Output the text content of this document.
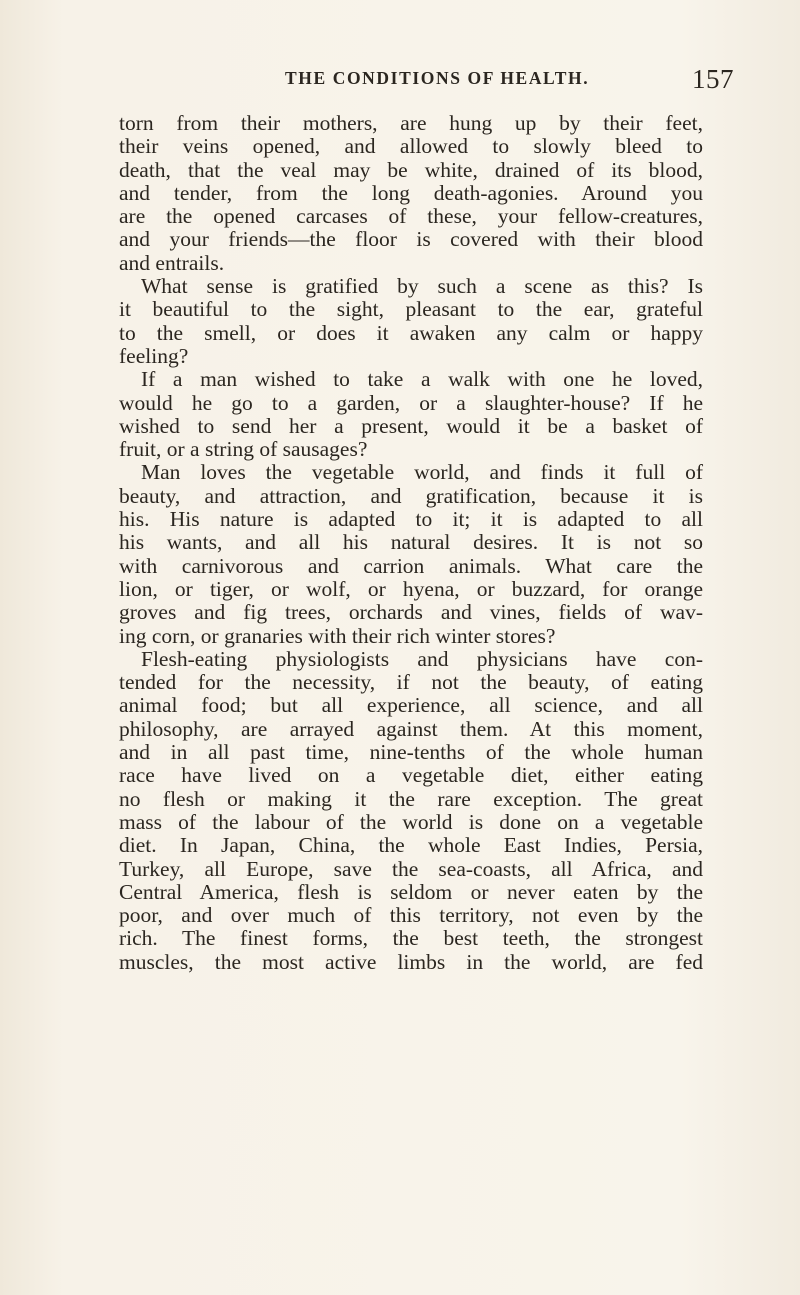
THE CONDITIONS OF HEALTH.	157
torn from their mothers, are hung up by their feet,
their veins opened, and allowed to slowly bleed to
death, that the veal may be white, drained of its blood,
and tender, from the long death-agonies. Around you
are the opened carcases of these, your fellow-creatures,
and your friends—the floor is covered with their blood
and entrails.
What sense is gratified by such a scene as this? Is
it beautiful to the sight, pleasant to the ear, grateful
to the smell, or does it awaken any calm or happy
feeling?
If a man wished to take a walk with one he loved,
would he go to a garden, or a slaughter-house? If he
wished to send her a present, would it be a basket of
fruit, or a string of sausages?
Man loves the vegetable world, and finds it full of
beauty, and attraction, and gratification, because it is
his. His nature is adapted to it; it is adapted to all
his wants, and all his natural desires. It is not so
with carnivorous and carrion animals. What care the
lion, or tiger, or wolf, or hyena, or buzzard, for orange
groves and fig trees, orchards and vines, fields of wav-
ing corn, or granaries with their rich winter stores?
Flesh-eating physiologists and physicians have con-
tended for the necessity, if not the beauty, of eating
animal food; but all experience, all science, and all
philosophy, are arrayed against them. At this moment,
and in all past time, nine-tenths of the whole human
race have lived on a vegetable diet, either eating
no flesh or making it the rare exception. The great
mass of the labour of the world is done on a vegetable
diet. In Japan, China, the whole East Indies, Persia,
Turkey, all Europe, save the sea-coasts, all Africa, and
Central America, flesh is seldom or never eaten by the
poor, and over much of this territory, not even by the
rich. The finest forms, the best teeth, the strongest
muscles, the most active limbs in the world, are fed
